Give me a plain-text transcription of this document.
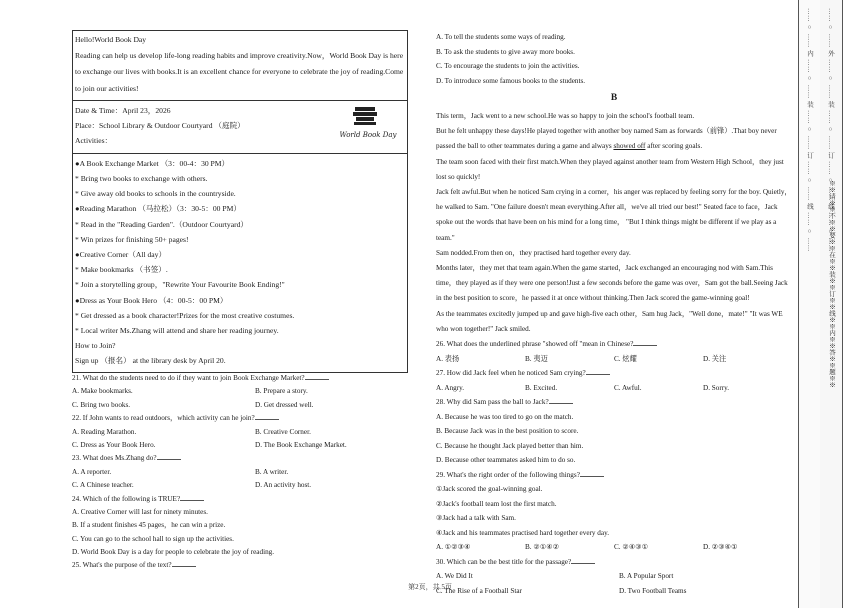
Hello!World Book Day
Reading can help us develop life-long reading habits and improve creativity.Now，World Book Day is here to exchange our lives with books.It is an excellent chance for everyone to celebrate the joy of reading.Come to join our activities!
Date & Time：April 23，2026
Place：School Library & Outdoor Courtyard （庭院）
Activities：
World Book Day
●A Book Exchange Market （3：00-4：30 PM）
* Bring two books to exchange with others.
* Give away old books to schools in the countryside.
●Reading Marathon （马拉松）（3：30-5：00 PM）
* Read in the "Reading Garden".（Outdoor Courtyard）
* Win prizes for finishing 50+ pages!
●Creative Corner（All day）
* Make bookmarks （书签）.
* Join a storytelling group，"Rewrite Your Favourite Book Ending!"
●Dress as Your Book Hero （4：00-5：00 PM）
* Get dressed as a book character!Prizes for the most creative costumes.
* Local writer Ms.Zhang will attend and share her reading journey.
How to Join?
Sign up （报名） at the library desk by April 20.
21. What do the students need to do if they want to join Book Exchange Market?
A. Make bookmarks.	B. Prepare a story.
C. Bring two books.	D. Get dressed well.
22. If John wants to read outdoors，which activity can he join?
A. Reading Marathon.	B. Creative Corner.
C. Dress as Your Book Hero.	D. The Book Exchange Market.
23. What does Ms.Zhang do?
A. A reporter.	B. A writer.
C. A Chinese teacher.	D. An activity host.
24. Which of the following is TRUE?
A. Creative Corner will last for ninety minutes.
B. If a student finishes 45 pages，he can win a prize.
C. You can go to the school hall to sign up the activities.
D. World Book Day is a day for people to celebrate the joy of reading.
25. What's the purpose of the text?
A. To tell the students some ways of reading.
B. To ask the students to give away more books.
C. To encourage the students to join the activities.
D. To introduce some famous books to the students.
B
This term，Jack went to a new school.He was so happy to join the school's football team.
But he felt unhappy these days!He played together with another boy named Sam as forwards（前锋）.That boy never passed the ball to other teammates during a game and always showed off after scoring goals.
The team soon faced with their first match.When they played against another team from Western High School，they just lost so quickly!
Jack felt awful.But when he noticed Sam crying in a corner，his anger was replaced by feeling sorry for the boy. Quietly，he walked to Sam. "One failure doesn't mean everything.After all，we've all tried our best!" Seated face to face，Jack spoke out the words that have been on his mind for a long time， "But I think things might be different if we play as a team."
Sam nodded.From then on，they practised hard together every day.
Months later，they met that team again.When the game started，Jack exchanged an encouraging nod with Sam.This time，they played as if they were one person!Just a few seconds before the game was over，Sam got the ball.Seeing Jack in the best position to score，he passed it at once without thinking.Then Jack scored the game-winning goal!
As the teammates excitedly jumped up and gave high-five each other，Sam hug Jack，"Well done，mate!" "It was WE who won together!" Jack smiled.
26. What does the underlined phrase "showed off "mean in Chinese?
A. 表扬	B. 夷迈	C. 炫耀	D. 关注
27. How did Jack feel when he noticed Sam crying?
A. Angry.	B. Excited.	C. Awful.	D. Sorry.
28. Why did Sam pass the ball to Jack?
A. Because he was too tired to go on the match.
B. Because Jack was in the best position to score.
C. Because he thought Jack played better than him.
D. Because other teammates asked him to do so.
29. What's the right order of the following things?
①Jack scored the goal-winning goal.
②Jack's football team lost the first match.
③Jack had a talk with Sam.
④Jack and his teammates practised hard together every day.
A. ①②③④	B. ②①④②	C. ②④③①	D. ②③④①
30. Which can be the best title for the passage?
A. We Did It	B. A Popular Sport
C. The Rise of a Football Star	D. Two Football Teams
第2页，共 5页
…… ○ …… 内 …… ○ …… 装 …… ○ …… 订 …… ○ …… 线 …… ○ …… …… ○ …… 外 …… ○ …… 装 …… ○ …… 订 …… ○ …… 线 …… ○ ……
※※请※※不※※要※※在※※装※※订※※线※※内※※答※※题※※
